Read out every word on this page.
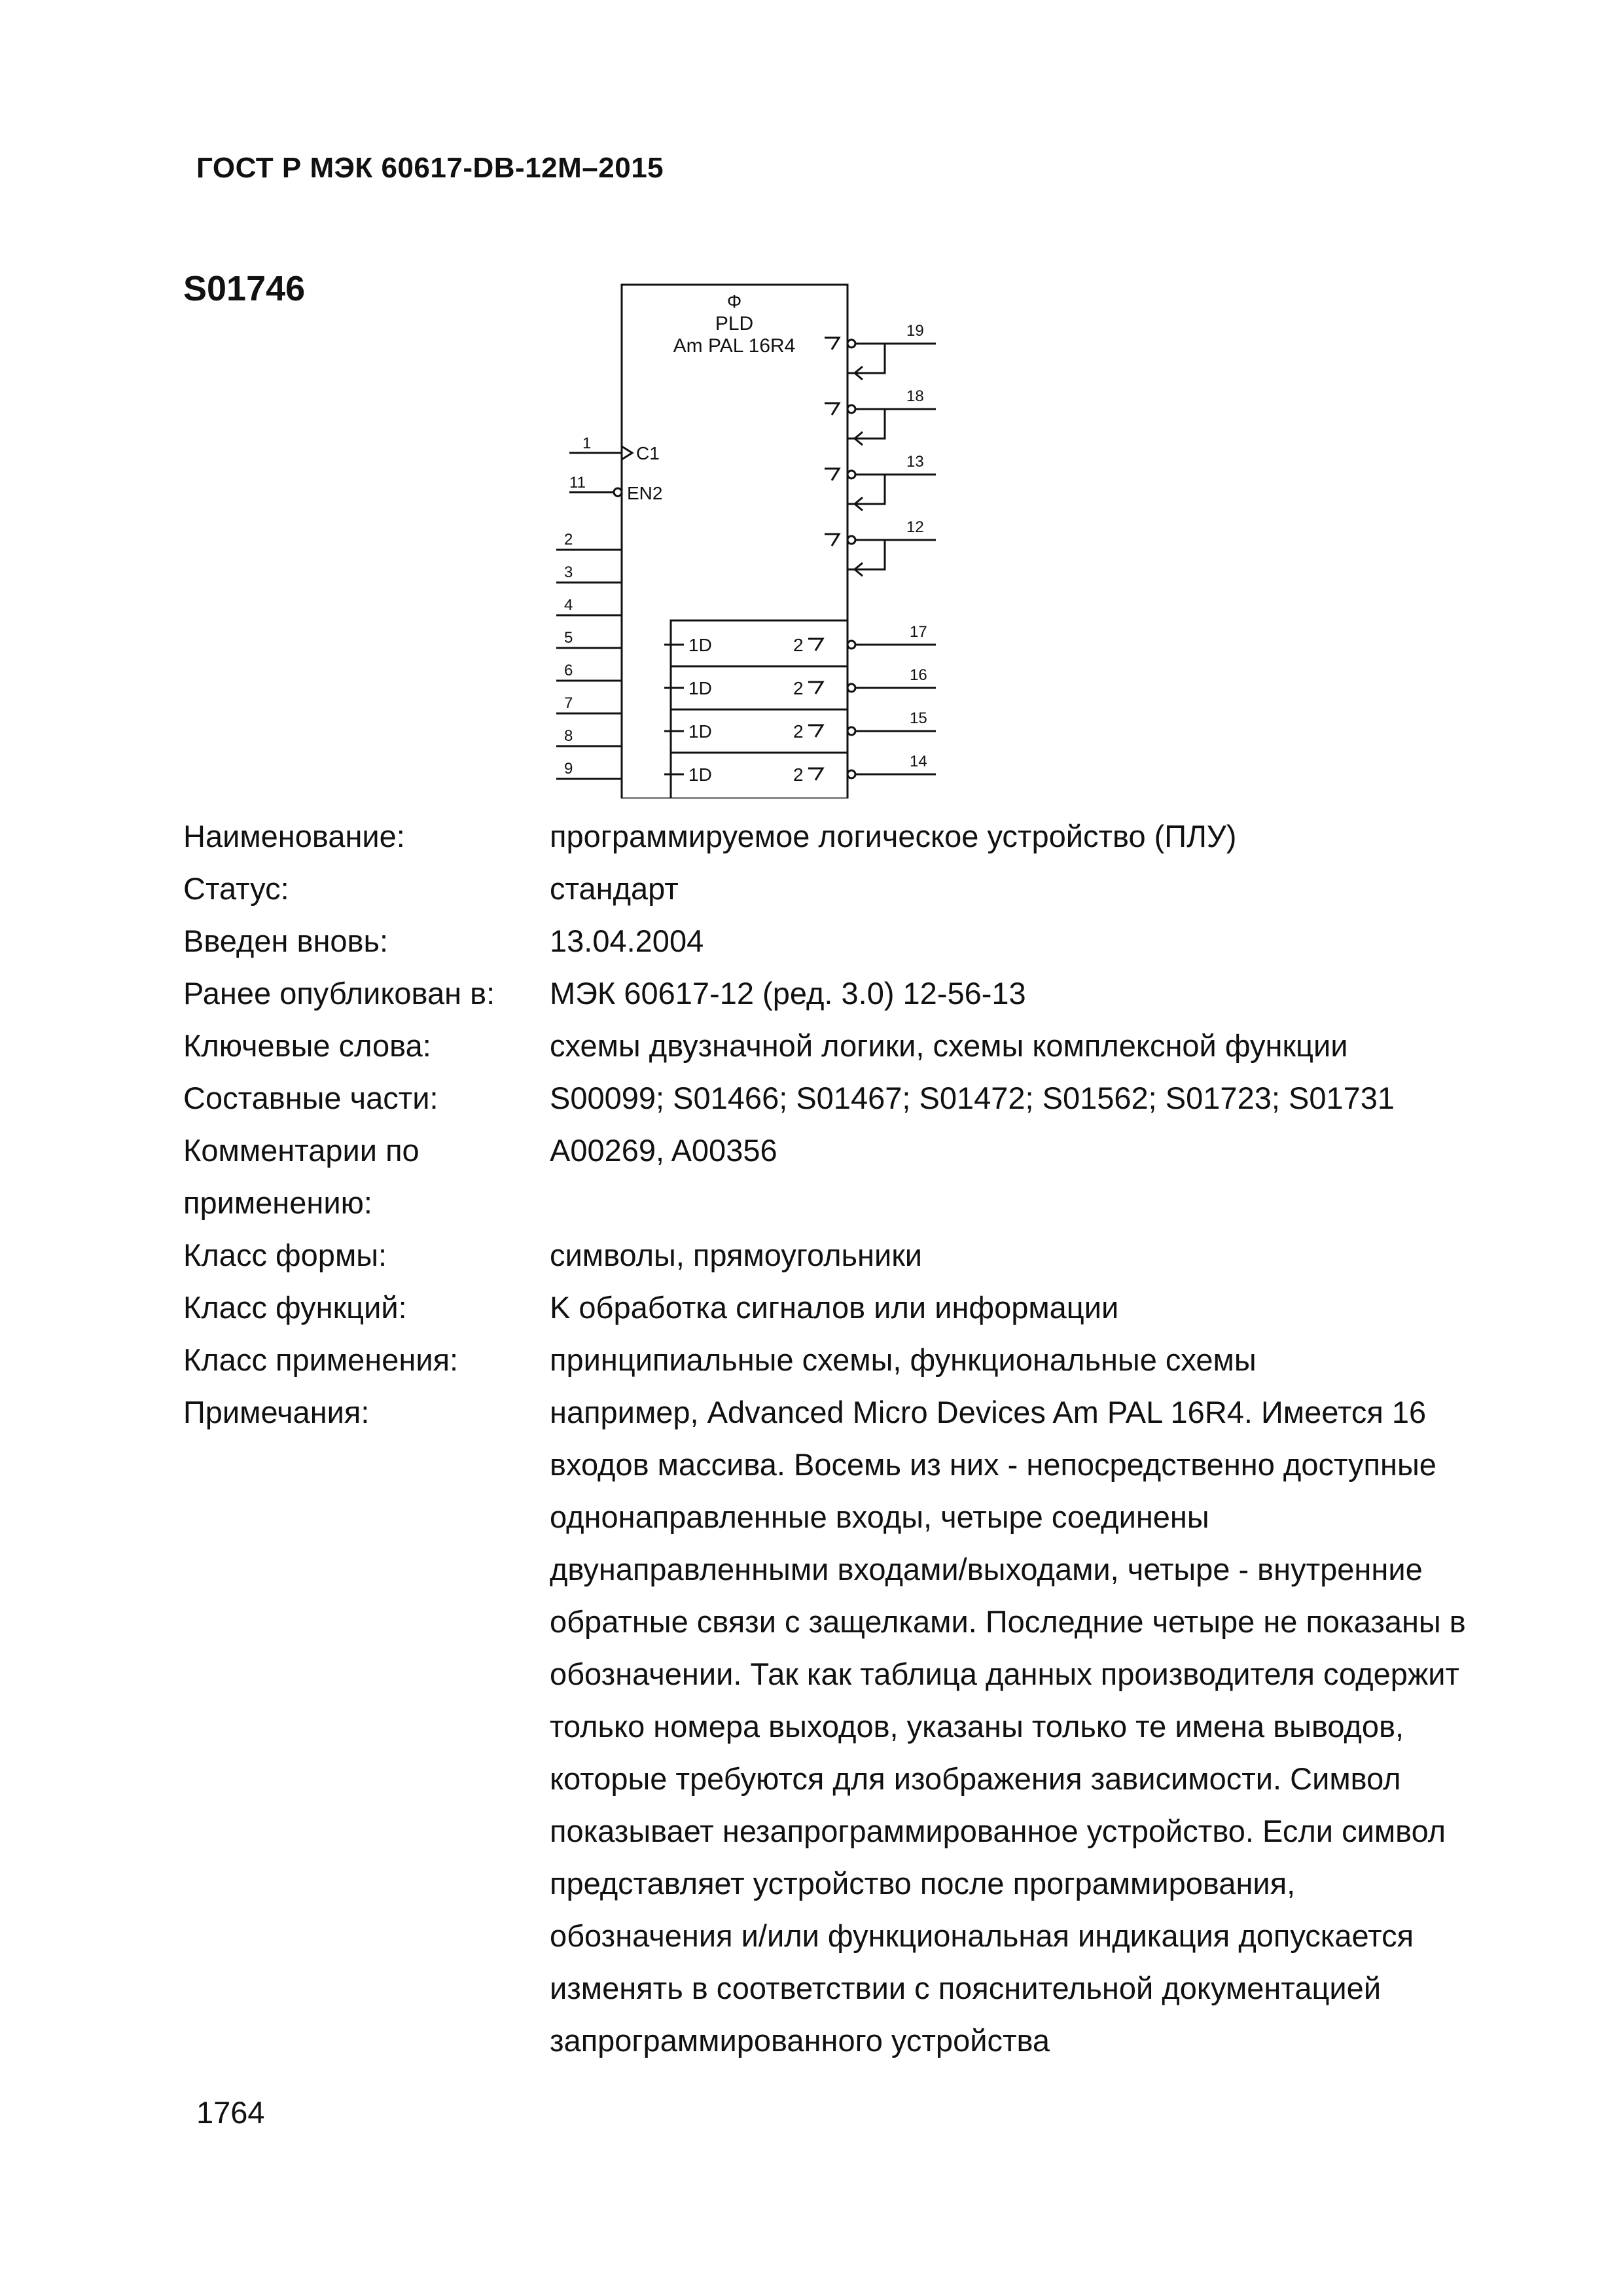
ГОСТ Р МЭК 60617-DB-12M–2015
S01746	Φ
PLD
Am PAL 16R4
1 C1
11
EN2
2
3
4
5
6
7
8
9
19
18
13
12
1D	2
17
1D	2
16
1D	2
15
1D	2
14
Наименование:	программируемое логическое устройство (ПЛУ)
Статус:	стандарт
Введен вновь:	13.04.2004
Ранее опубликован в:	МЭК 60617-12 (ред. 3.0) 12-56-13
Ключевые слова:	схемы двузначной логики, схемы комплексной функции
Составные части:	S00099; S01466; S01467; S01472; S01562; S01723; S01731
Комментарии по применению:
A00269, A00356
Класс формы:	символы, прямоугольники
Класс функций:	K обработка сигналов или информации
Класс применения:	принципиальные схемы, функциональные схемы
Примечания:	например, Advanced Micro Devices Am PAL 16R4. Имеется 16
входов массива. Восемь из них - непосредственно доступные
однонаправленные входы, четыре соединены
двунаправленными входами/выходами, четыре - внутренние
обратные связи с защелками. Последние четыре не показаны в
обозначении. Так как таблица данных производителя содержит
только номера выходов, указаны только те имена выводов,
которые требуются для изображения зависимости. Символ
показывает незапрограммированное устройство. Если символ
представляет устройство после программирования,
обозначения и/или функциональная индикация допускается
изменять в соответствии с пояснительной документацией
запрограммированного устройства
1764
